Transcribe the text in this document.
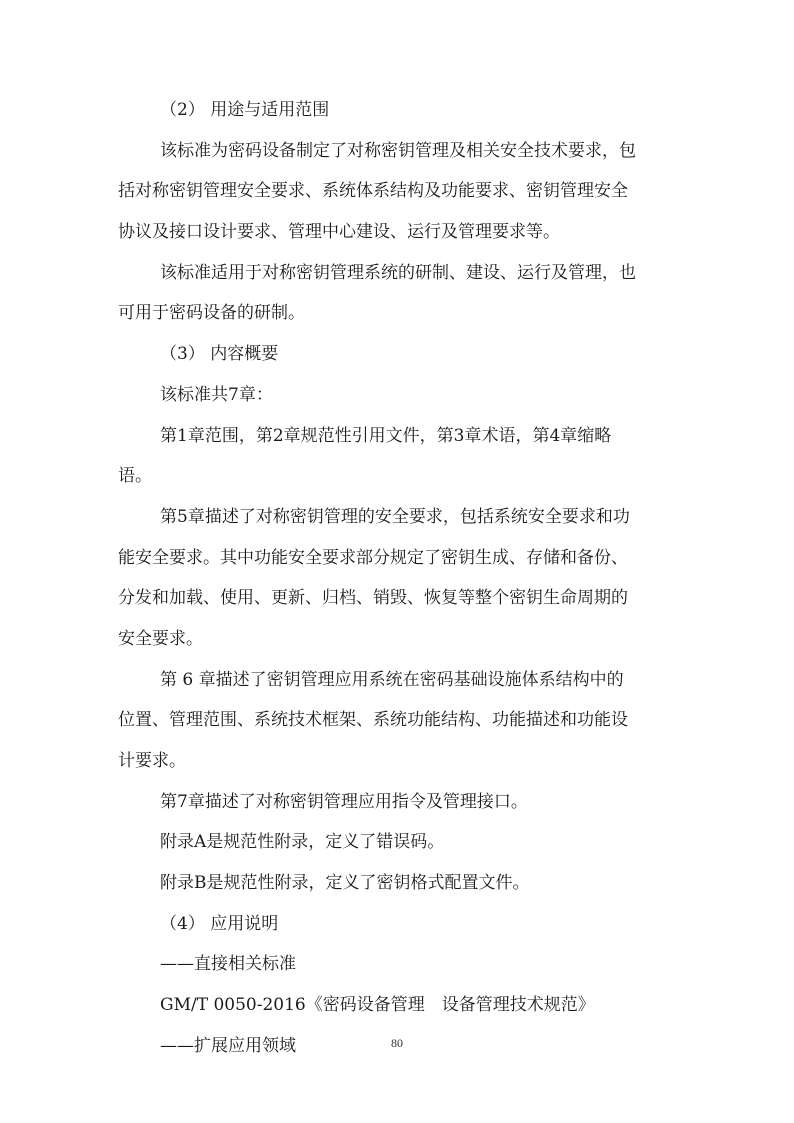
（2） 用途与适用范围
该标准为密码设备制定了对称密钥管理及相关安全技术要求，包
括对称密钥管理安全要求、系统体系结构及功能要求、密钥管理安全
协议及接口设计要求、管理中心建设、运行及管理要求等。
该标准适用于对称密钥管理系统的研制、建设、运行及管理，也
可用于密码设备的研制。
（3） 内容概要
该标准共7章：
第1章范围，第2章规范性引用文件，第3章术语，第4章缩略
语。
第5章描述了对称密钥管理的安全要求，包括系统安全要求和功
能安全要求。其中功能安全要求部分规定了密钥生成、存储和备份、
分发和加载、使用、更新、归档、销毁、恢复等整个密钥生命周期的
安全要求。
第 6 章描述了密钥管理应用系统在密码基础设施体系结构中的
位置、管理范围、系统技术框架、系统功能结构、功能描述和功能设
计要求。
第7章描述了对称密钥管理应用指令及管理接口。
附录A是规范性附录，定义了错误码。
附录B是规范性附录，定义了密钥格式配置文件。
（4） 应用说明
——直接相关标准
GM/T 0050-2016《密码设备管理　设备管理技术规范》
——扩展应用领域	80
